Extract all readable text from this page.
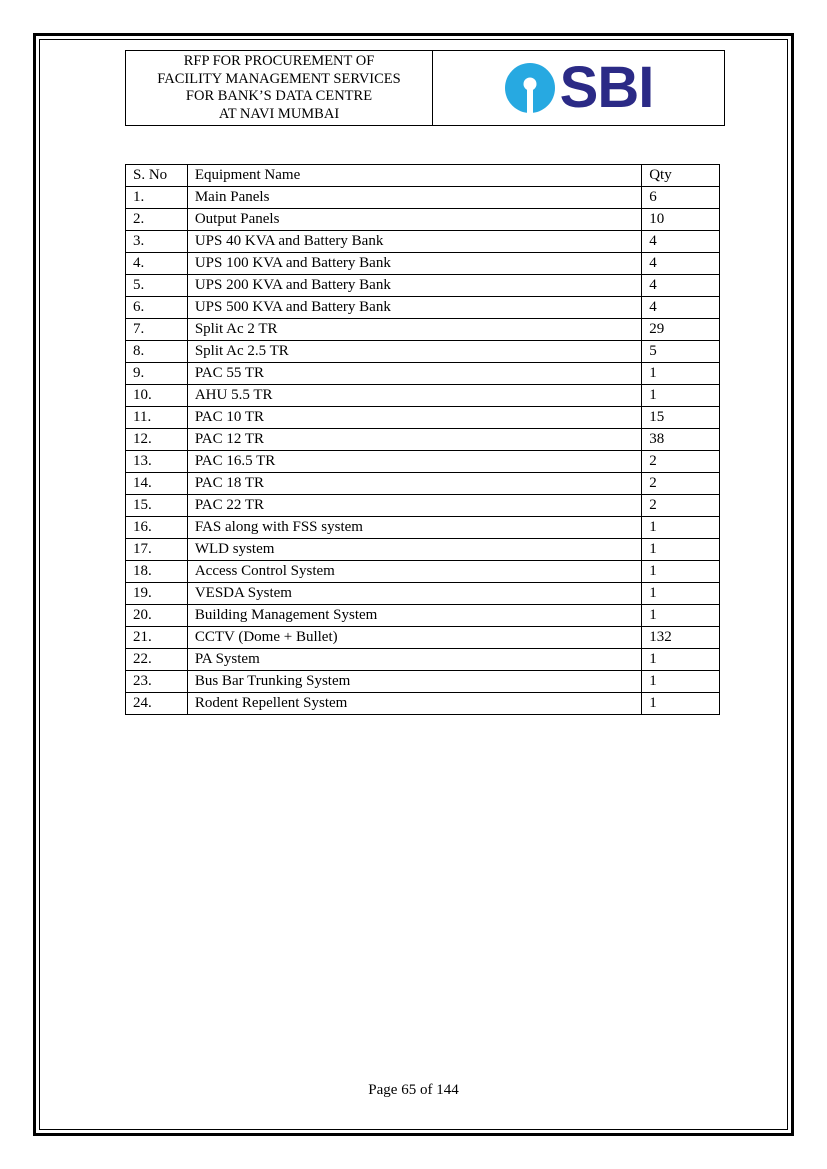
RFP FOR PROCUREMENT OF
FACILITY MANAGEMENT SERVICES
FOR BANK’S DATA CENTRE
AT NAVI MUMBAI	SBI
S. No	Equipment Name	Qty
1.	Main Panels	6
2.	Output Panels	10
3.	UPS 40 KVA and Battery Bank	4
4.	UPS 100 KVA and Battery Bank	4
5.	UPS 200 KVA and Battery Bank	4
6.	UPS 500 KVA and Battery Bank	4
7.	Split Ac 2 TR	29
8.	Split Ac 2.5 TR	5
9.	PAC 55 TR	1
10.	AHU 5.5 TR	1
11.	PAC 10 TR	15
12.	PAC 12 TR	38
13.	PAC 16.5 TR	2
14.	PAC 18 TR	2
15.	PAC 22 TR	2
16.	FAS along with FSS system	1
17.	WLD system	1
18.	Access Control System	1
19.	VESDA System	1
20.	Building Management System	1
21.	CCTV (Dome + Bullet)	132
22.	PA System	1
23.	Bus Bar Trunking System	1
24.	Rodent Repellent System	1
Page 65 of 144
